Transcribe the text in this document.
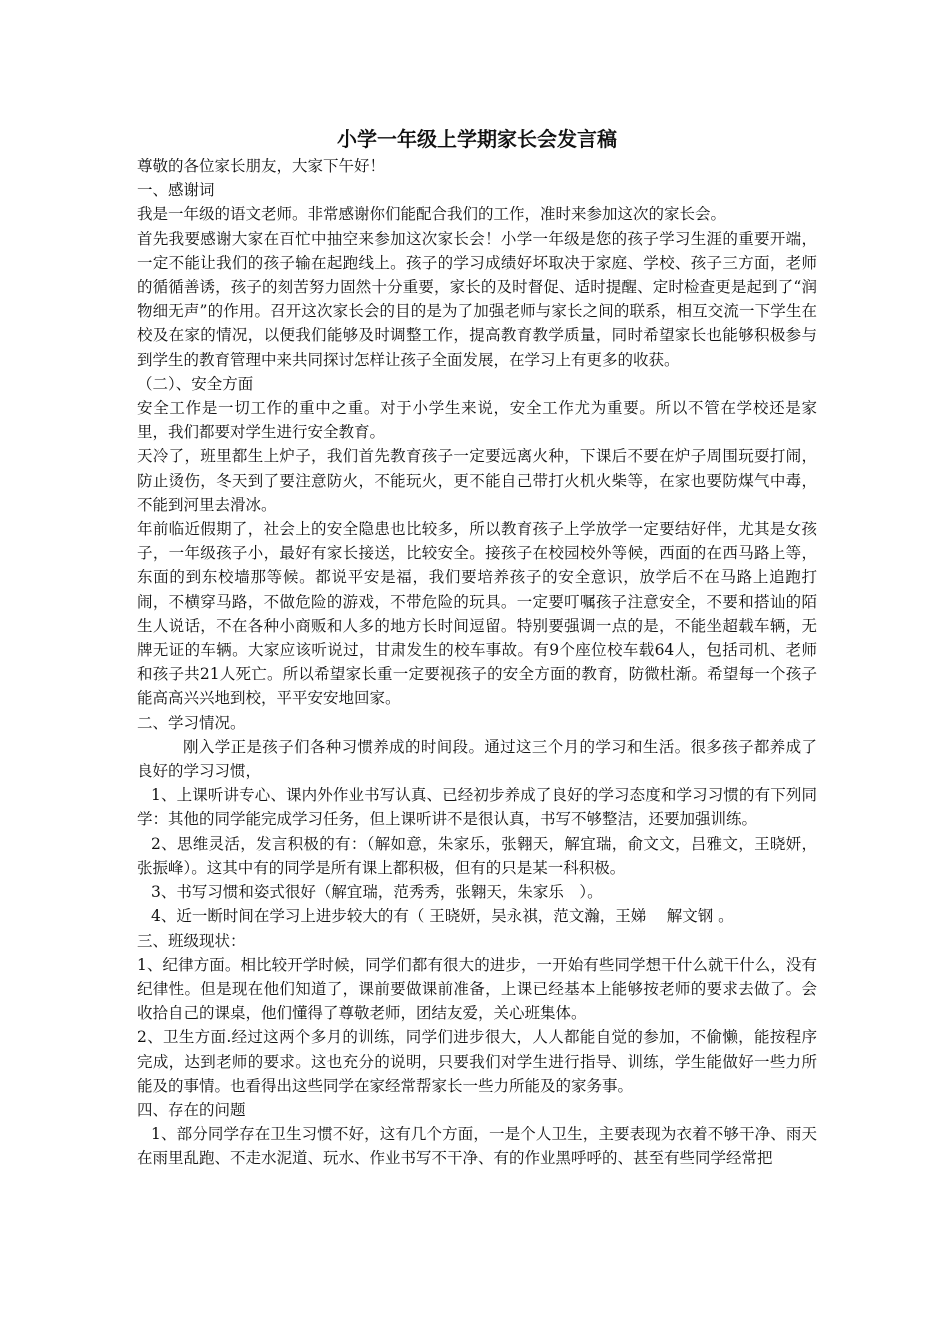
小学一年级上学期家长会发言稿

尊敬的各位家长朋友，大家下午好！

一、感谢词

我是一年级的语文老师。非常感谢你们能配合我们的工作，准时来参加这次的家长会。

首先我要感谢大家在百忙中抽空来参加这次家长会！小学一年级是您的孩子学习生涯的重要开端，一定不能让我们的孩子输在起跑线上。孩子的学习成绩好坏取决于家庭、学校、孩子三方面，老师的循循善诱，孩子的刻苦努力固然十分重要，家长的及时督促、适时提醒、定时检查更是起到了“润物细无声”的作用。召开这次家长会的目的是为了加强老师与家长之间的联系，相互交流一下学生在校及在家的情况，以便我们能够及时调整工作，提高教育教学质量，同时希望家长也能够积极参与到学生的教育管理中来共同探讨怎样让孩子全面发展，在学习上有更多的收获。

（二）、安全方面

安全工作是一切工作的重中之重。对于小学生来说，安全工作尤为重要。所以不管在学校还是家里，我们都要对学生进行安全教育。

天冷了，班里都生上炉子，我们首先教育孩子一定要远离火种，下课后不要在炉子周围玩耍打闹，防止烫伤，冬天到了要注意防火，不能玩火，更不能自己带打火机火柴等，在家也要防煤气中毒，不能到河里去滑冰。

年前临近假期了，社会上的安全隐患也比较多，所以教育孩子上学放学一定要结好伴，尤其是女孩子，一年级孩子小，最好有家长接送，比较安全。接孩子在校园校外等候，西面的在西马路上等，东面的到东校墙那等候。都说平安是福，我们要培养孩子的安全意识，放学后不在马路上追跑打闹，不横穿马路，不做危险的游戏，不带危险的玩具。一定要叮嘱孩子注意安全，不要和搭讪的陌生人说话，不在各种小商贩和人多的地方长时间逗留。特别要强调一点的是，不能坐超载车辆，无牌无证的车辆。大家应该听说过，甘肃发生的校车事故。有9个座位校车载64人，包括司机、老师和孩子共21人死亡。所以希望家长重一定要视孩子的安全方面的教育，防微杜渐。希望每一个孩子能高高兴兴地到校，平平安安地回家。

二、学习情况。

刚入学正是孩子们各种习惯养成的时间段。通过这三个月的学习和生活。很多孩子都养成了良好的学习习惯，

1、上课听讲专心、课内外作业书写认真、已经初步养成了良好的学习态度和学习习惯的有下列同学：其他的同学能完成学习任务，但上课听讲不是很认真，书写不够整洁，还要加强训练。

2、思维灵活，发言积极的有：（解如意，朱家乐，张翱天，解宜瑞，俞文文，吕雅文，王晓妍，张振峰）。这其中有的同学是所有课上都积极，但有的只是某一科积极。

3、书写习惯和姿式很好（解宜瑞，范秀秀，张翱天，朱家乐　）。

4、近一断时间在学习上进步较大的有（ 王晓妍，吴永祺，范文瀚，王娣　 解文钢 。

三、班级现状：

1、纪律方面。相比较开学时候，同学们都有很大的进步，一开始有些同学想干什么就干什么，没有纪律性。但是现在他们知道了，课前要做课前准备，上课已经基本上能够按老师的要求去做了。会收拾自己的课桌，他们懂得了尊敬老师，团结友爱，关心班集体。

2、卫生方面.经过这两个多月的训练，同学们进步很大，人人都能自觉的参加，不偷懒，能按程序完成，达到老师的要求。这也充分的说明，只要我们对学生进行指导、训练，学生能做好一些力所能及的事情。也看得出这些同学在家经常帮家长一些力所能及的家务事。

四、存在的问题

1、部分同学存在卫生习惯不好，这有几个方面，一是个人卫生，主要表现为衣着不够干净、雨天在雨里乱跑、不走水泥道、玩水、作业书写不干净、有的作业黑呼呼的、甚至有些同学经常把
